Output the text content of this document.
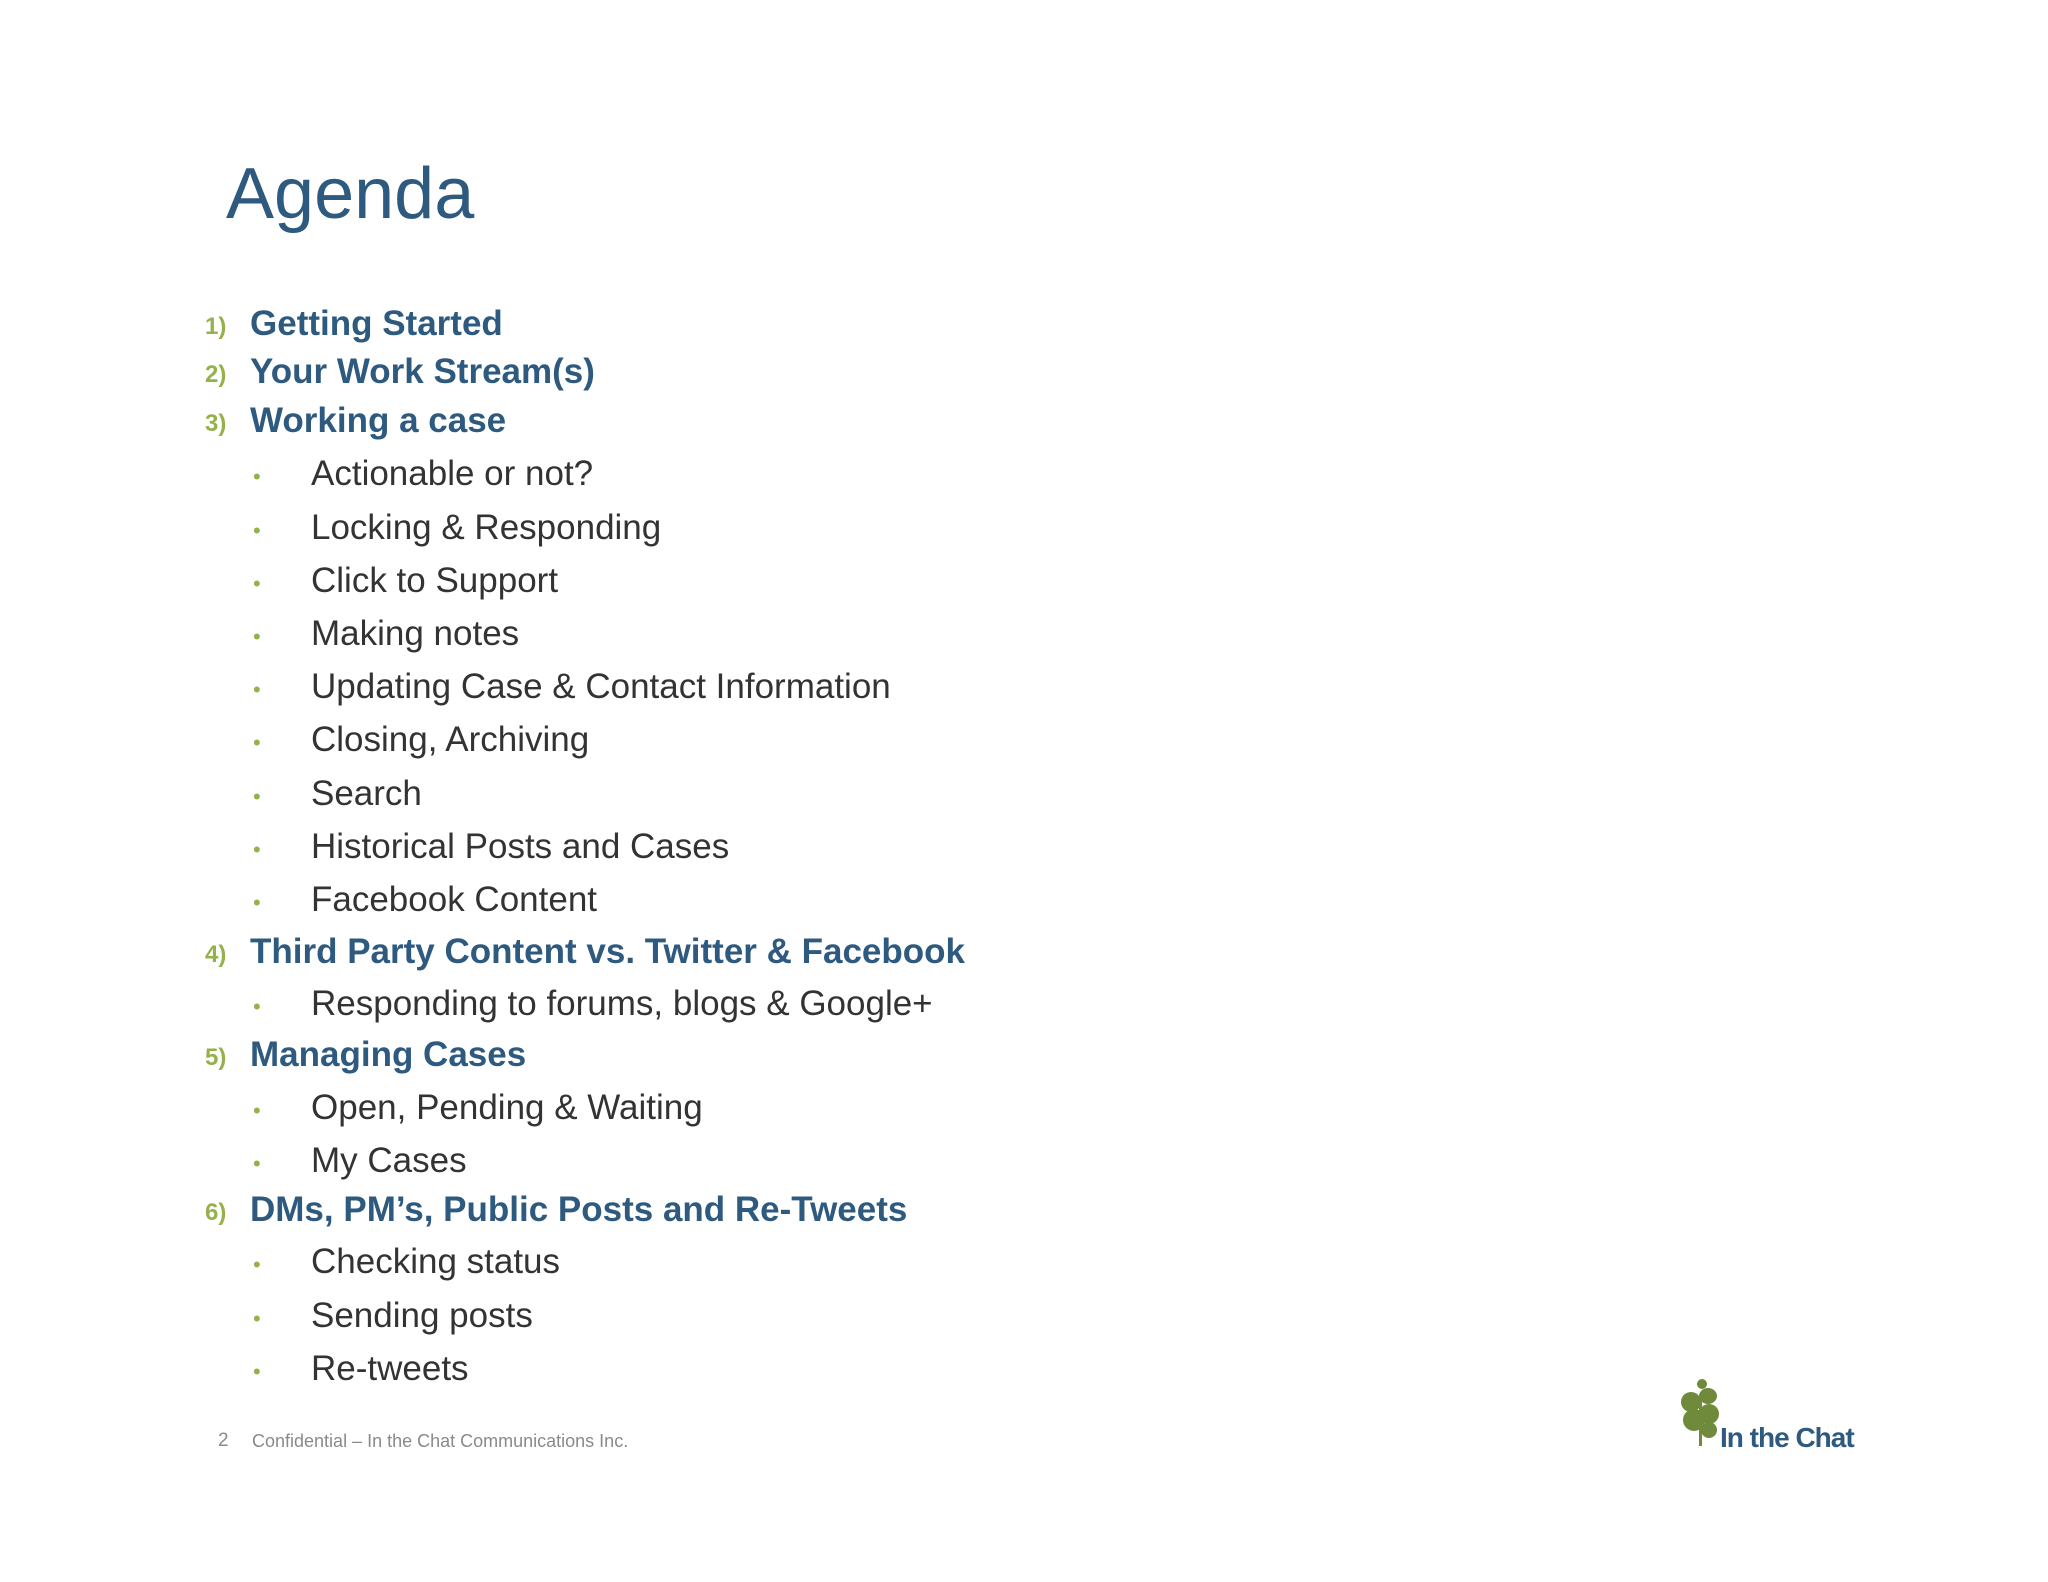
Agenda
1) Getting Started
2) Your Work Stream(s)
3) Working a case
• Actionable or not?
• Locking & Responding
• Click to Support
• Making notes
• Updating Case & Contact Information
• Closing, Archiving
• Search
• Historical Posts and Cases
• Facebook Content
4) Third Party Content vs. Twitter & Facebook
• Responding to forums, blogs & Google+
5) Managing Cases
• Open, Pending & Waiting
• My Cases
6) DMs, PM’s, Public Posts and Re-Tweets
• Checking status
• Sending posts
• Re-tweets
2 Confidential – In the Chat Communications Inc.	In the Chat
